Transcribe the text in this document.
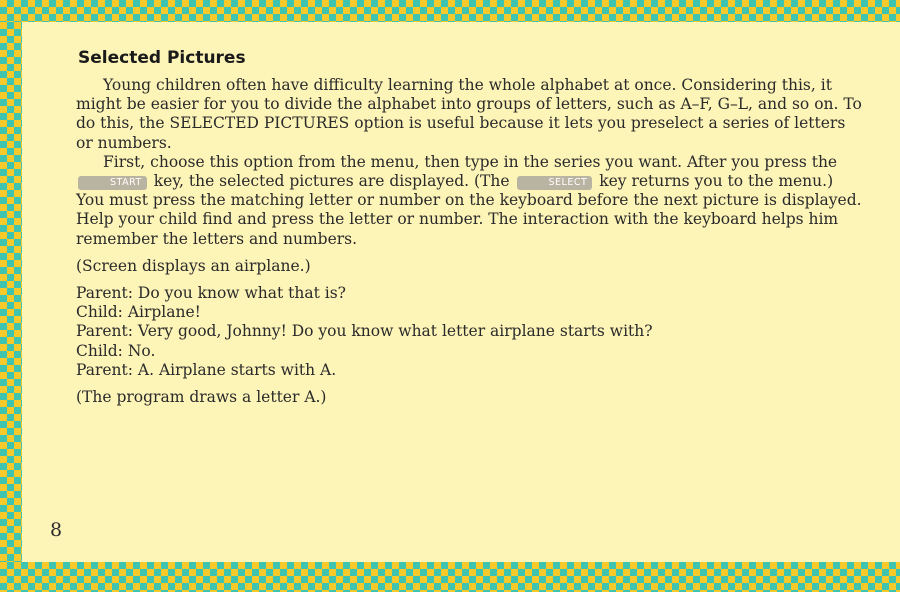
Selected Pictures

Young children often have difficulty learning the whole alphabet at once. Considering this, it might be easier for you to divide the alphabet into groups of letters, such as A–F, G–L, and so on. To do this, the SELECTED PICTURES option is useful because it lets you preselect a series of letters or numbers.

First, choose this option from the menu, then type in the series you want. After you press the START key, the selected pictures are displayed. (The	SELECT key returns you to the menu.) You must press the matching letter or number on the keyboard before the next picture is displayed. Help your child find and press the letter or number. The interaction with the keyboard helps him remember the letters and numbers.

(Screen displays an airplane.)

Parent: Do you know what that is?
Child: Airplane!
Parent: Very good, Johnny! Do you know what letter airplane starts with?
Child: No.
Parent: A. Airplane starts with A.

(The program draws a letter A.)

8
